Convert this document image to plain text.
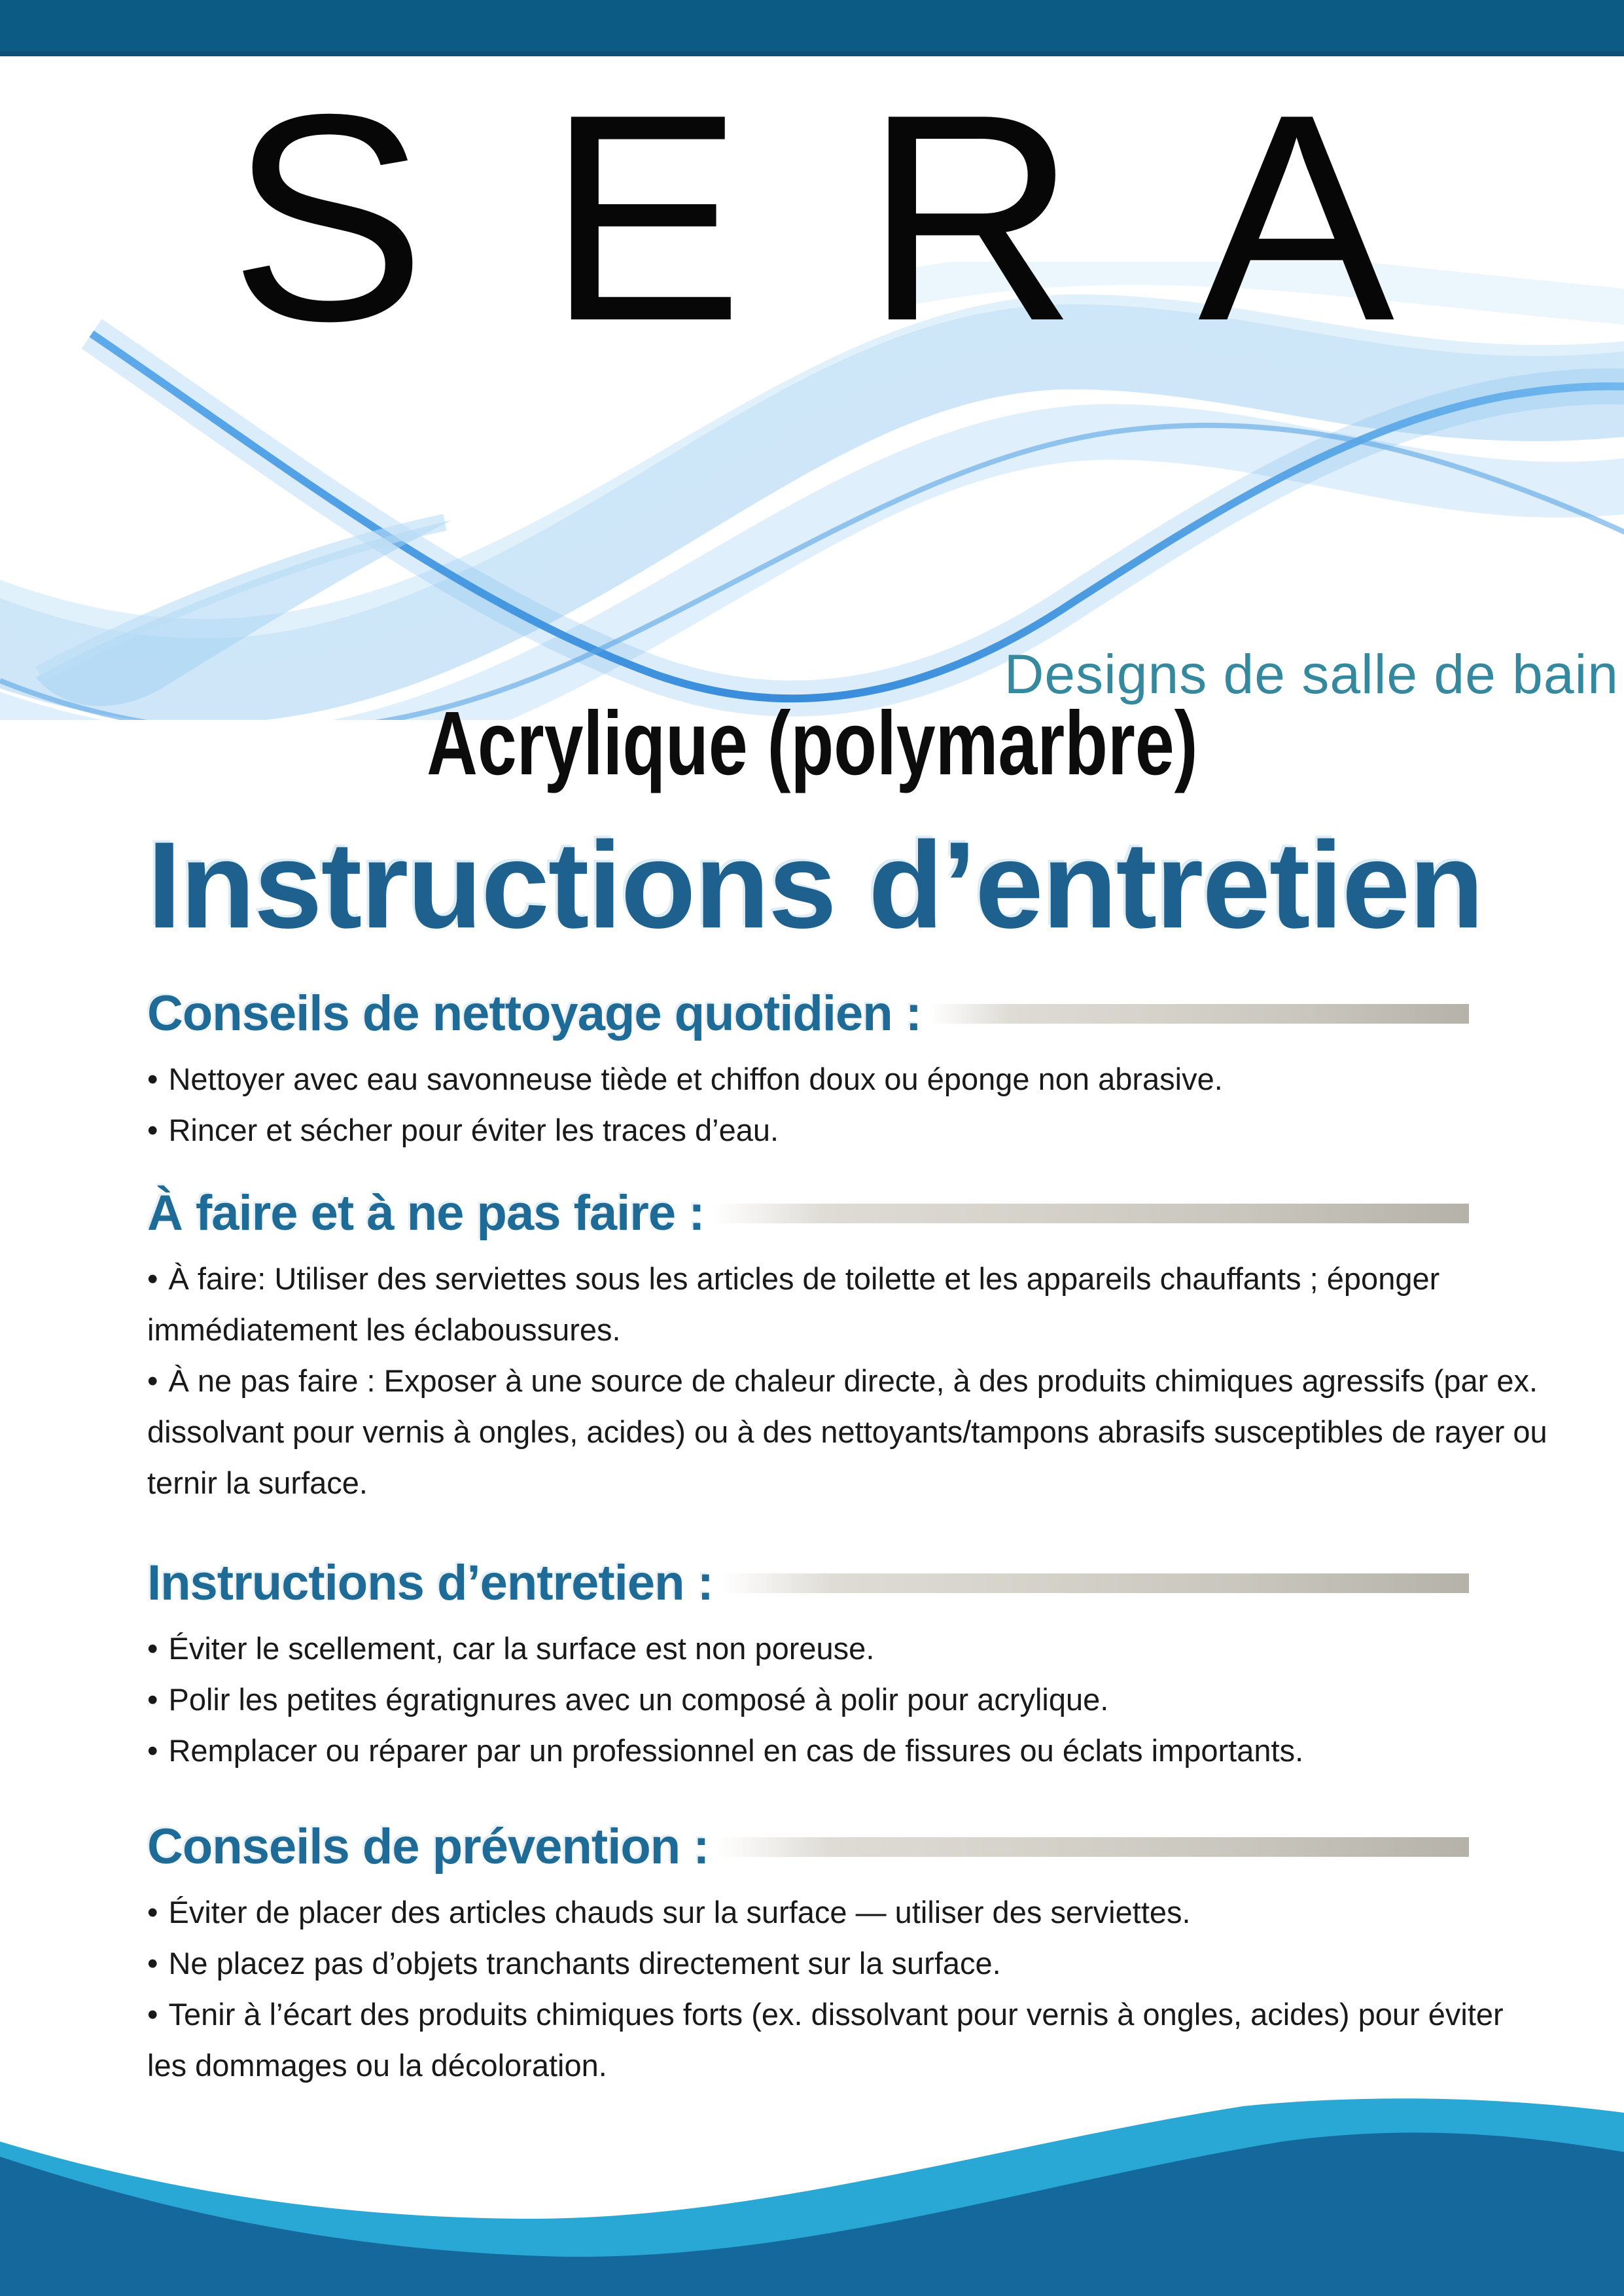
SERA
Designs de salle de bain
Acrylique (polymarbre)
Instructions d’entretien
Conseils de nettoyage quotidien :

• Nettoyer avec eau savonneuse tiède et chiffon doux ou éponge non abrasive.

• Rincer et sécher pour éviter les traces d’eau.

À faire et à ne pas faire :

• À faire: Utiliser des serviettes sous les articles de toilette et les appareils chauffants ; éponger immédiatement les éclaboussures.

• À ne pas faire : Exposer à une source de chaleur directe, à des produits chimiques agressifs (par ex. dissolvant pour vernis à ongles, acides) ou à des nettoyants/tampons abrasifs susceptibles de rayer ou ternir la surface.

Instructions d’entretien :

• Éviter le scellement, car la surface est non poreuse.

• Polir les petites égratignures avec un composé à polir pour acrylique.

• Remplacer ou réparer par un professionnel en cas de fissures ou éclats importants.

Conseils de prévention :

• Éviter de placer des articles chauds sur la surface — utiliser des serviettes.

• Ne placez pas d’objets tranchants directement sur la surface.

• Tenir à l’écart des produits chimiques forts (ex. dissolvant pour vernis à ongles, acides) pour éviter les dommages ou la décoloration.
